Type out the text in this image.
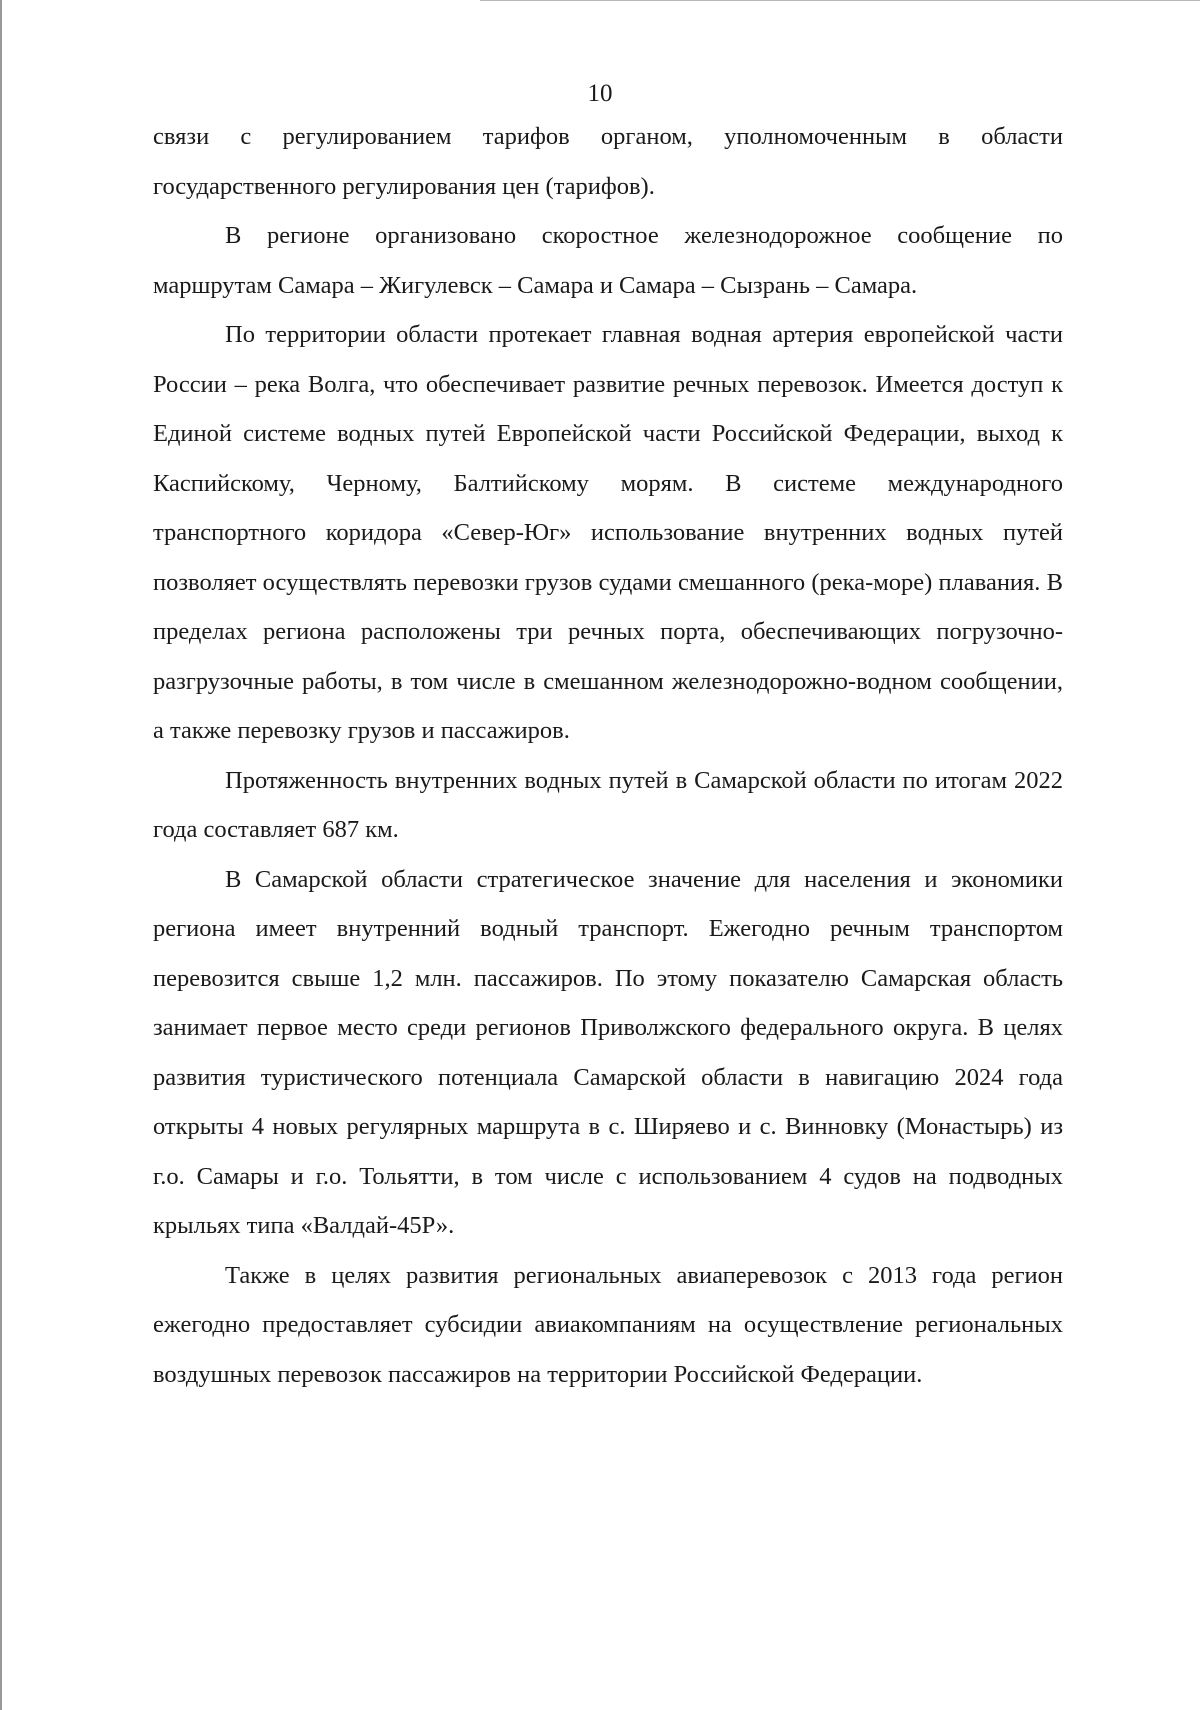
10

связи с регулированием тарифов органом, уполномоченным в области государственного регулирования цен (тарифов).

В регионе организовано скоростное железнодорожное сообщение по маршрутам Самара – Жигулевск – Самара и Самара – Сызрань – Самара.

По территории области протекает главная водная артерия европейской части России – река Волга, что обеспечивает развитие речных перевозок. Имеется доступ к Единой системе водных путей Европейской части Российской Федерации, выход к Каспийскому, Черному, Балтийскому морям. В системе международного транспортного коридора «Север-Юг» использование внутренних водных путей позволяет осуществлять перевозки грузов судами смешанного (река-море) плавания. В пределах региона расположены три речных порта, обеспечивающих погрузочно-разгрузочные работы, в том числе в смешанном железнодорожно-водном сообщении, а также перевозку грузов и пассажиров.

Протяженность внутренних водных путей в Самарской области по итогам 2022 года составляет 687 км.

В Самарской области стратегическое значение для населения и экономики региона имеет внутренний водный транспорт. Ежегодно речным транспортом перевозится свыше 1,2 млн. пассажиров. По этому показателю Самарская область занимает первое место среди регионов Приволжского федерального округа. В целях развития туристического потенциала Самарской области в навигацию 2024 года открыты 4 новых регулярных маршрута в с. Ширяево и с. Винновку (Монастырь) из г.о. Самары и г.о. Тольятти, в том числе с использованием 4 судов на подводных крыльях типа «Валдай-45Р».

Также в целях развития региональных авиаперевозок с 2013 года регион ежегодно предоставляет субсидии авиакомпаниям на осуществление региональных воздушных перевозок пассажиров на территории Российской Федерации.
